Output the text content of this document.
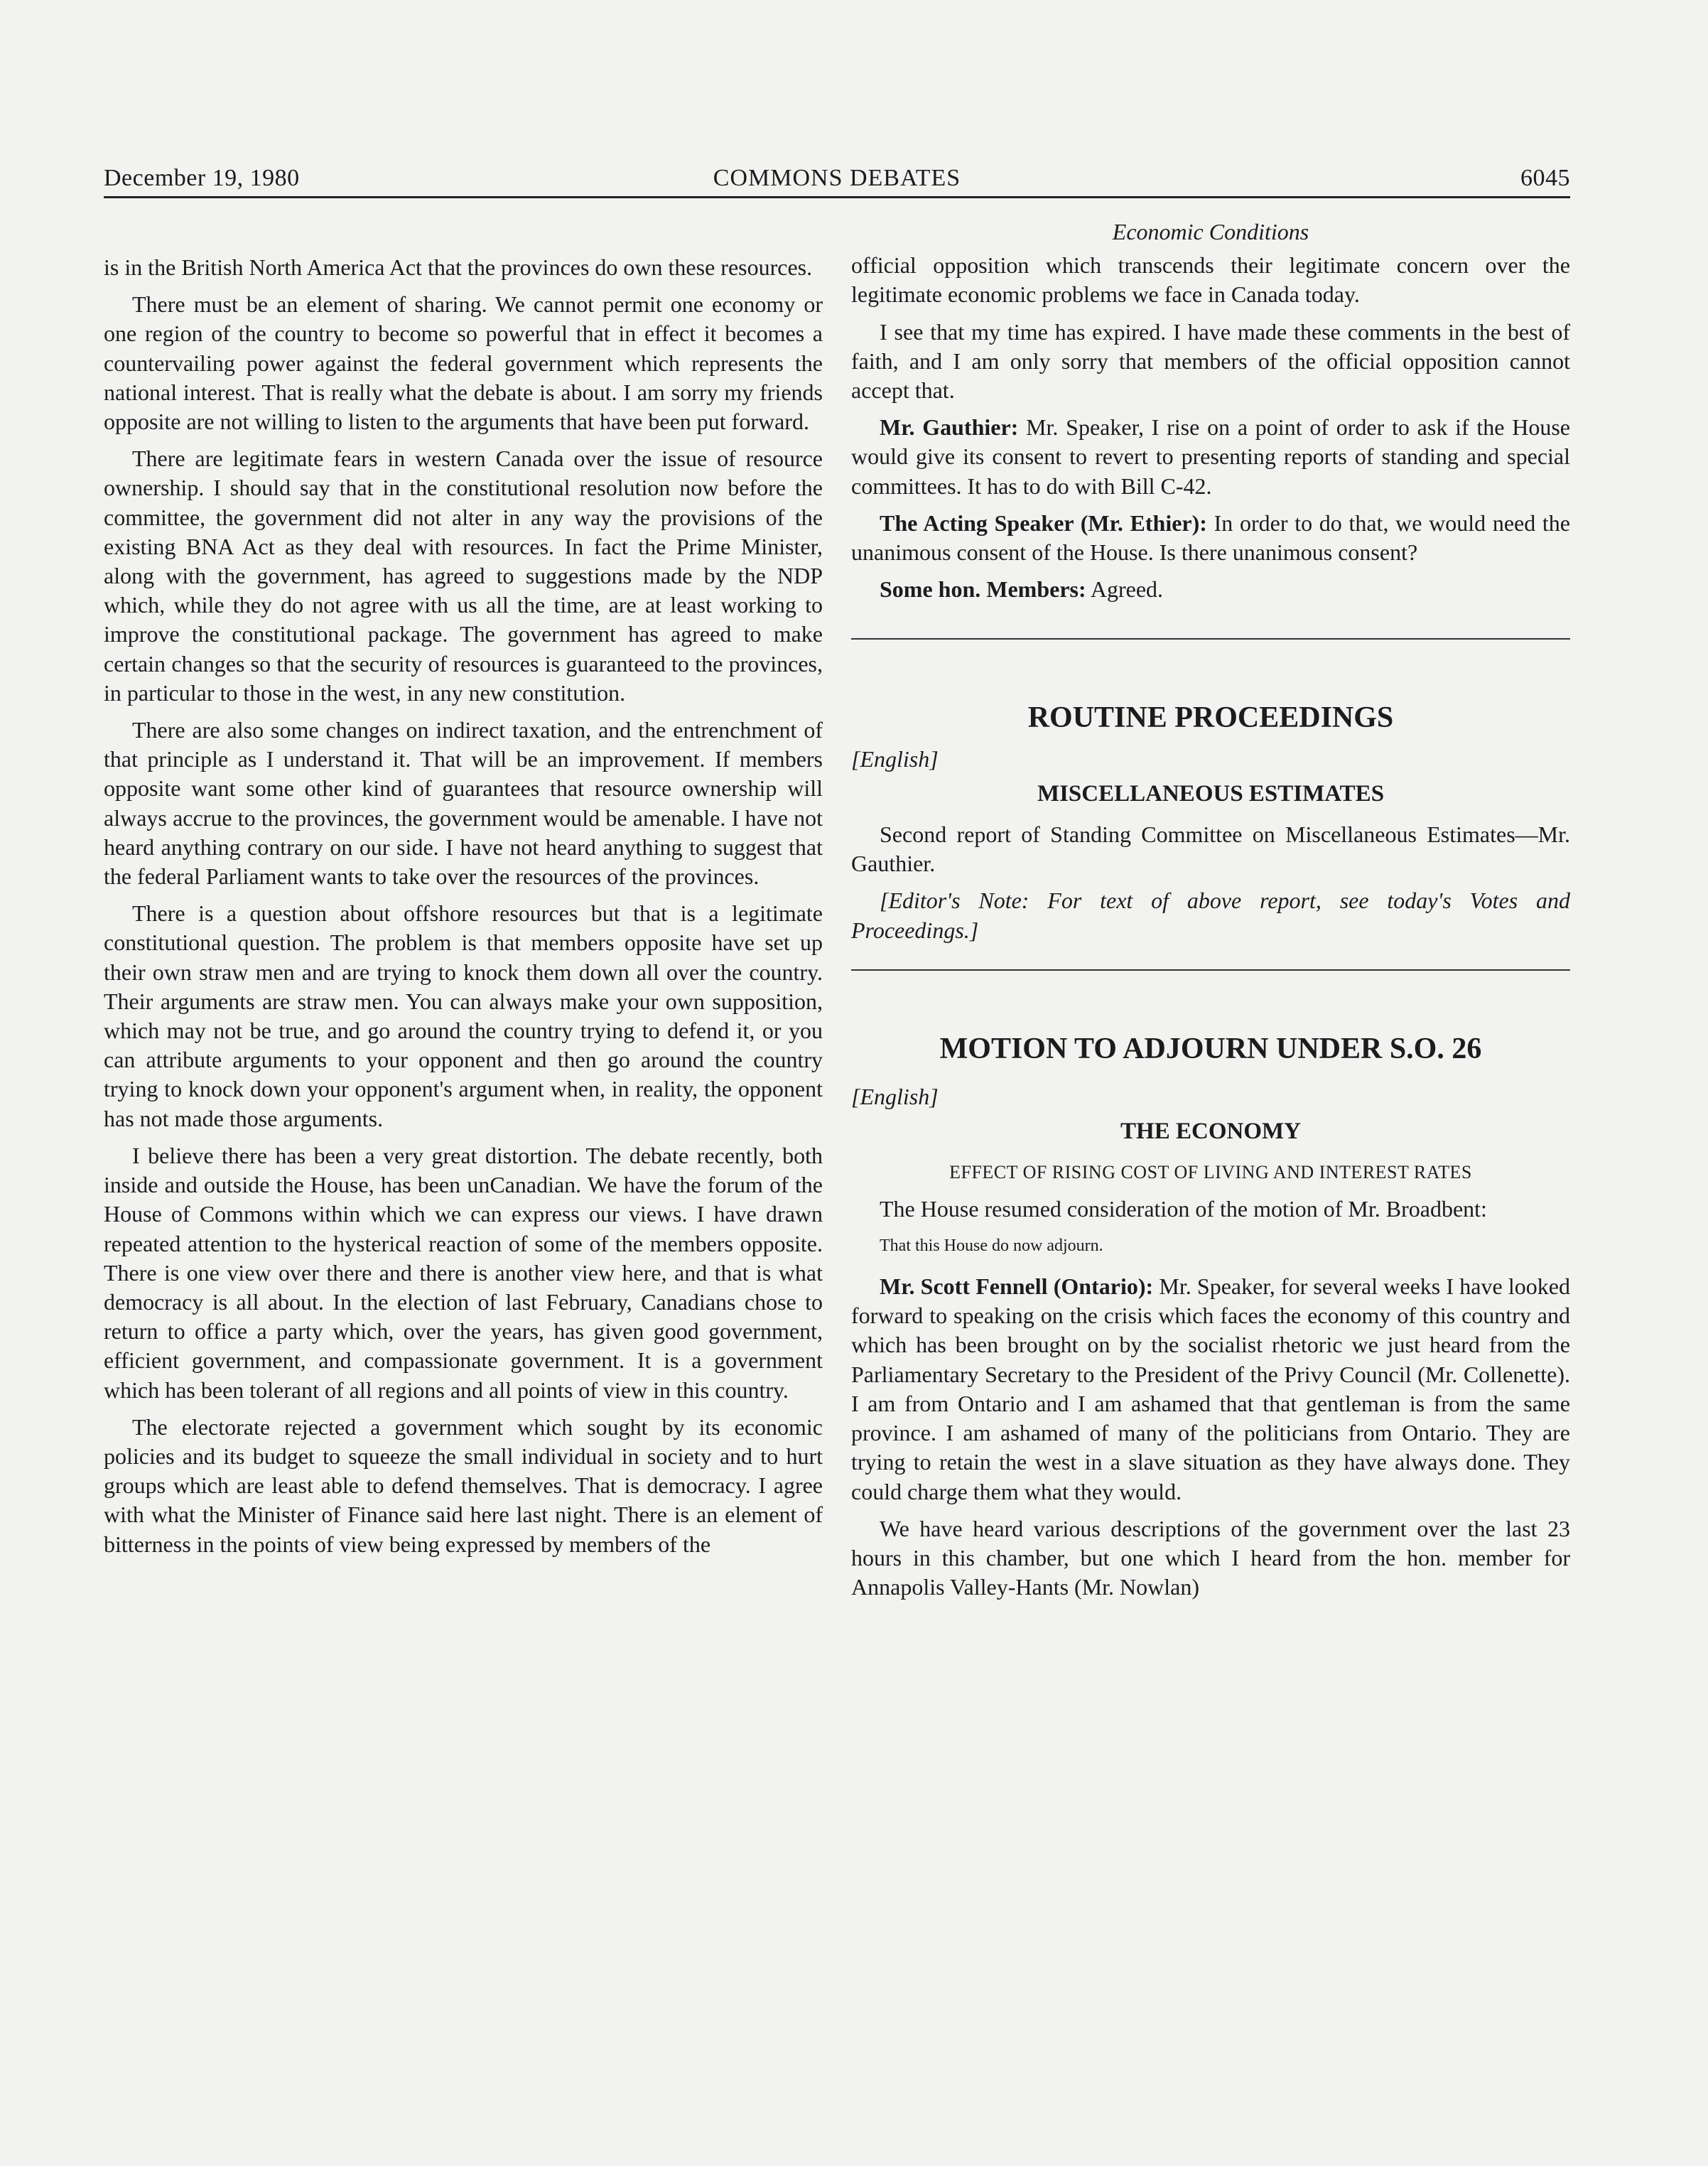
COMMONS DEBATES
December 19, 1980	6045

is in the British North America Act that the provinces do own these resources.

There must be an element of sharing. We cannot permit one economy or one region of the country to become so powerful that in effect it becomes a countervailing power against the federal government which represents the national interest. That is really what the debate is about. I am sorry my friends opposite are not willing to listen to the arguments that have been put forward.

There are legitimate fears in western Canada over the issue of resource ownership. I should say that in the constitutional resolution now before the committee, the government did not alter in any way the provisions of the existing BNA Act as they deal with resources. In fact the Prime Minister, along with the government, has agreed to suggestions made by the NDP which, while they do not agree with us all the time, are at least working to improve the constitutional package. The government has agreed to make certain changes so that the security of resources is guaranteed to the provinces, in particular to those in the west, in any new constitution.

There are also some changes on indirect taxation, and the entrenchment of that principle as I understand it. That will be an improvement. If members opposite want some other kind of guarantees that resource ownership will always accrue to the provinces, the government would be amenable. I have not heard anything contrary on our side. I have not heard anything to suggest that the federal Parliament wants to take over the resources of the provinces.

There is a question about offshore resources but that is a legitimate constitutional question. The problem is that members opposite have set up their own straw men and are trying to knock them down all over the country. Their arguments are straw men. You can always make your own supposition, which may not be true, and go around the country trying to defend it, or you can attribute arguments to your opponent and then go around the country trying to knock down your opponent's argument when, in reality, the opponent has not made those arguments.

I believe there has been a very great distortion. The debate recently, both inside and outside the House, has been unCanadian. We have the forum of the House of Commons within which we can express our views. I have drawn repeated attention to the hysterical reaction of some of the members opposite. There is one view over there and there is another view here, and that is what democracy is all about. In the election of last February, Canadians chose to return to office a party which, over the years, has given good government, efficient government, and compassionate government. It is a government which has been tolerant of all regions and all points of view in this country.

The electorate rejected a government which sought by its economic policies and its budget to squeeze the small individual in society and to hurt groups which are least able to defend themselves. That is democracy. I agree with what the Minister of Finance said here last night. There is an element of bitterness in the points of view being expressed by members of the

Economic Conditions

official opposition which transcends their legitimate concern over the legitimate economic problems we face in Canada today.

I see that my time has expired. I have made these comments in the best of faith, and I am only sorry that members of the official opposition cannot accept that.

Mr. Gauthier: Mr. Speaker, I rise on a point of order to ask if the House would give its consent to revert to presenting reports of standing and special committees. It has to do with Bill C-42.

The Acting Speaker (Mr. Ethier): In order to do that, we would need the unanimous consent of the House. Is there unanimous consent?

Some hon. Members: Agreed.

ROUTINE PROCEEDINGS

[English]

MISCELLANEOUS ESTIMATES

Second report of Standing Committee on Miscellaneous Estimates—Mr. Gauthier.

[Editor's Note: For text of above report, see today's Votes and Proceedings.]

MOTION TO ADJOURN UNDER S.O. 26

[English]

THE ECONOMY
EFFECT OF RISING COST OF LIVING AND INTEREST RATES

The House resumed consideration of the motion of Mr. Broadbent:

That this House do now adjourn.

Mr. Scott Fennell (Ontario): Mr. Speaker, for several weeks I have looked forward to speaking on the crisis which faces the economy of this country and which has been brought on by the socialist rhetoric we just heard from the Parliamentary Secretary to the President of the Privy Council (Mr. Collenette). I am from Ontario and I am ashamed that that gentleman is from the same province. I am ashamed of many of the politicians from Ontario. They are trying to retain the west in a slave situation as they have always done. They could charge them what they would.

We have heard various descriptions of the government over the last 23 hours in this chamber, but one which I heard from the hon. member for Annapolis Valley-Hants (Mr. Nowlan)
